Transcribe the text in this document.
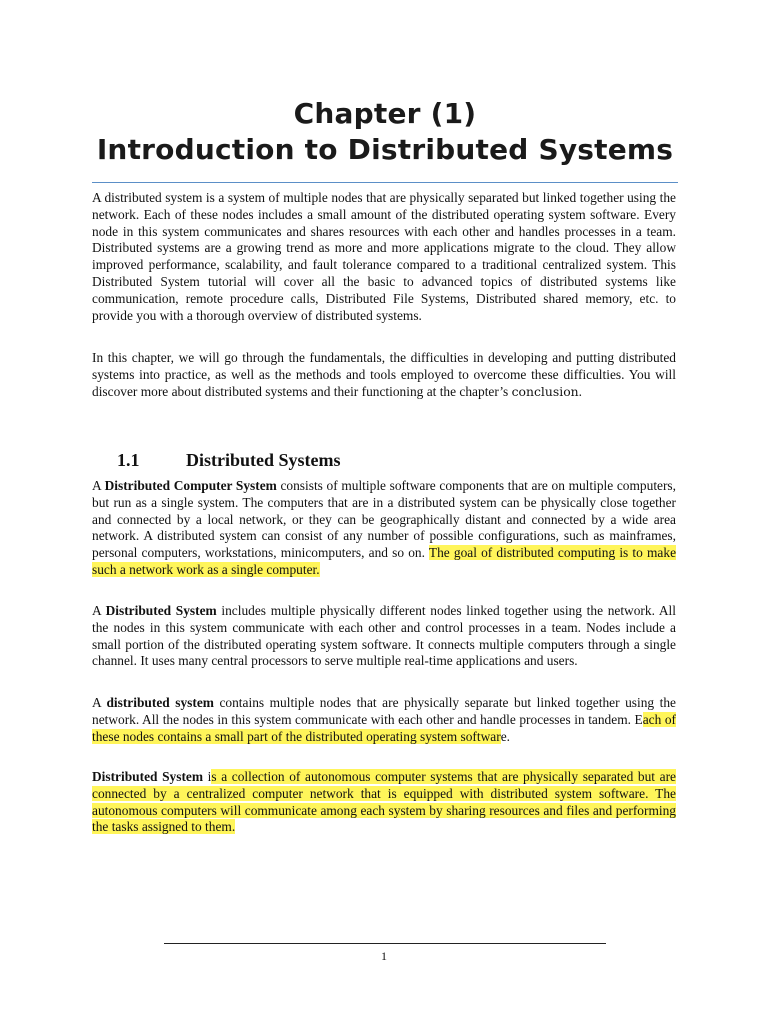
Chapter (1)
Introduction to Distributed Systems

A distributed system is a system of multiple nodes that are physically separated but linked together using the network. Each of these nodes includes a small amount of the distributed operating system software. Every node in this system communicates and shares resources with each other and handles processes in a team. Distributed systems are a growing trend as more and more applications migrate to the cloud. They allow improved performance, scalability, and fault tolerance compared to a traditional centralized system. This Distributed System tutorial will cover all the basic to advanced topics of distributed systems like communication, remote procedure calls, Distributed File Systems, Distributed shared memory, etc. to provide you with a thorough overview of distributed systems.

In this chapter, we will go through the fundamentals, the difficulties in developing and putting distributed systems into practice, as well as the methods and tools employed to overcome these difficulties. You will discover more about distributed systems and their functioning at the chapter’s conclusion.

1.1	Distributed Systems

A Distributed Computer System consists of multiple software components that are on multiple computers, but run as a single system. The computers that are in a distributed system can be physically close together and connected by a local network, or they can be geographically distant and connected by a wide area network. A distributed system can consist of any number of possible configurations, such as mainframes, personal computers, workstations, minicomputers, and so on. The goal of distributed computing is to make such a network work as a single computer.

A Distributed System includes multiple physically different nodes linked together using the network. All the nodes in this system communicate with each other and control processes in a team. Nodes include a small portion of the distributed operating system software. It connects multiple computers through a single channel. It uses many central processors to serve multiple real-time applications and users.

A distributed system contains multiple nodes that are physically separate but linked together using the network. All the nodes in this system communicate with each other and handle processes in tandem. Each of these nodes contains a small part of the distributed operating system software.

Distributed System is a collection of autonomous computer systems that are physically separated but are connected by a centralized computer network that is equipped with distributed system software. The autonomous computers will communicate among each system by sharing resources and files and performing the tasks assigned to them.

1
